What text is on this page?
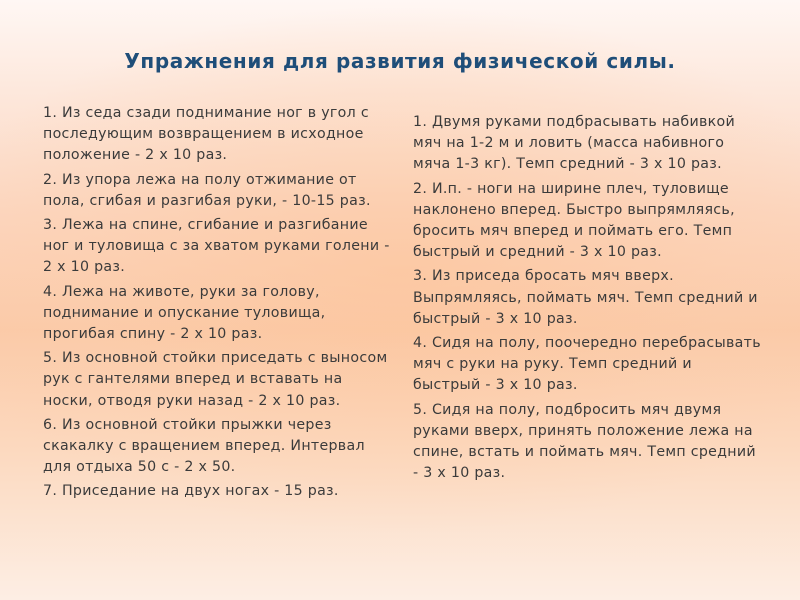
Упражнения для развития физической силы.
1. Из седа сзади поднимание ног в угол с последующим возвращением в исходное положение - 2 х 10 раз.
2. Из упора лежа на полу отжимание от пола, сгибая и разгибая руки, - 10-15 раз.
3. Лежа на спине, сгибание и разгибание ног и туловища с за хватом руками голени - 2 х 10 раз.
4. Лежа на животе, руки за голову, поднимание и опускание туловища, прогибая спину - 2 х 10 раз.
5. Из основной стойки приседать с выносом рук с гантелями вперед и вставать на носки, отводя руки назад - 2 х 10 раз.
6. Из основной стойки прыжки через скакалку с вращением вперед. Интервал для отдыха 50 с - 2 х 50.
7. Приседание на двух ногах - 15 раз.
1. Двумя руками подбрасывать набивкой мяч на 1-2 м и ловить (масса набивного мяча 1-3 кг). Темп средний - 3 х 10 раз.
2. И.п. - ноги на ширине плеч, туловище наклонено вперед. Быстро выпрямляясь, бросить мяч вперед и поймать его. Темп быстрый и средний - 3 х 10 раз.
3. Из приседа бросать мяч вверх. Выпрямляясь, поймать мяч. Темп средний и быстрый - 3 х 10 раз.
4. Сидя на полу, поочередно перебрасывать мяч с руки на руку. Темп средний и быстрый - 3 х 10 раз.
5. Сидя на полу, подбросить мяч двумя руками вверх, принять положение лежа на спине, встать и поймать мяч. Темп средний - 3 х 10 раз.
